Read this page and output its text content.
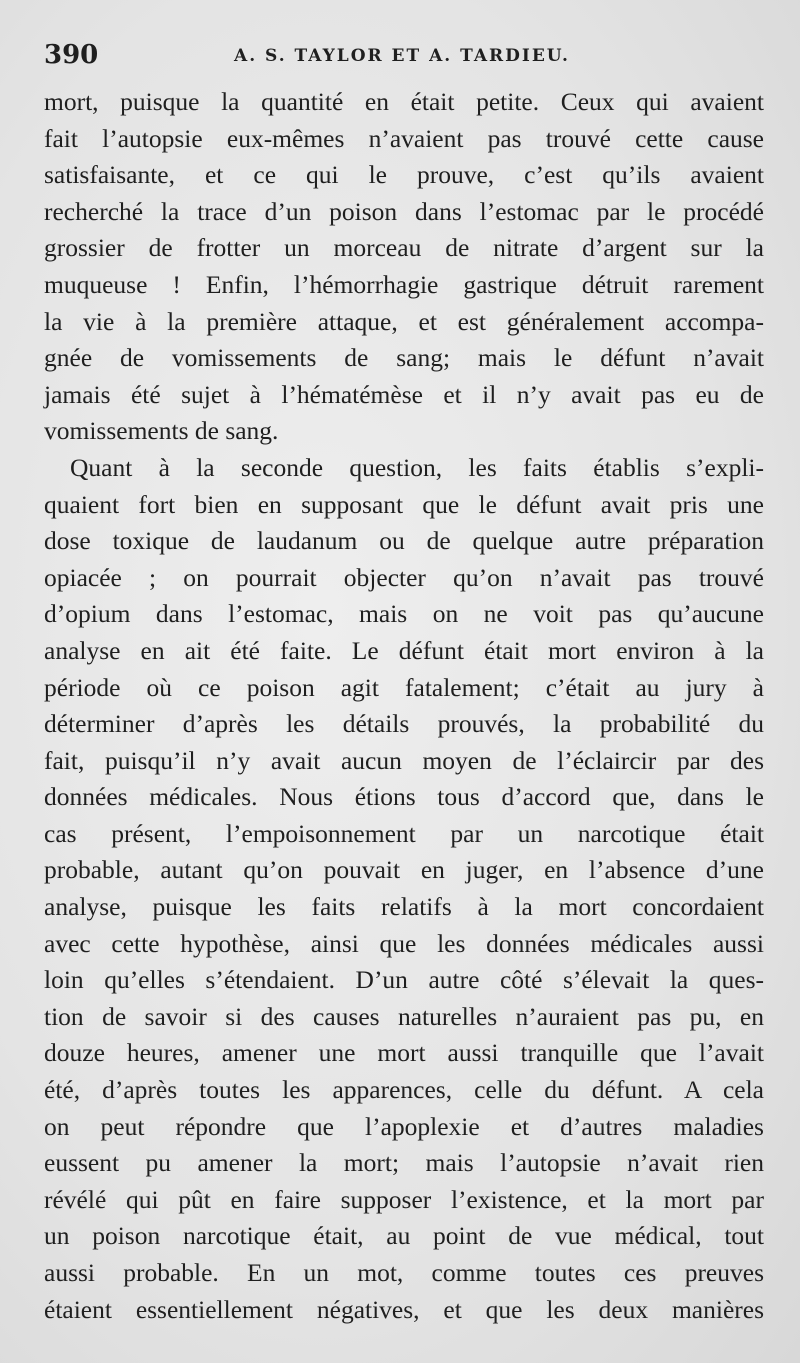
390	A. S. TAYLOR ET A. TARDIEU.
mort, puisque la quantité en était petite. Ceux qui avaient
fait l’autopsie eux-mêmes n’avaient pas trouvé cette cause
satisfaisante, et ce qui le prouve, c’est qu’ils avaient
recherché la trace d’un poison dans l’estomac par le procédé
grossier de frotter un morceau de nitrate d’argent sur la
muqueuse ! Enfin, l’hémorrhagie gastrique détruit rarement
la vie à la première attaque, et est généralement accompa-
gnée de vomissements de sang; mais le défunt n’avait
jamais été sujet à l’hématémèse et il n’y avait pas eu de
vomissements de sang.
Quant à la seconde question, les faits établis s’expli-
quaient fort bien en supposant que le défunt avait pris une
dose toxique de laudanum ou de quelque autre préparation
opiacée ; on pourrait objecter qu’on n’avait pas trouvé
d’opium dans l’estomac, mais on ne voit pas qu’aucune
analyse en ait été faite. Le défunt était mort environ à la
période où ce poison agit fatalement; c’était au jury à
déterminer d’après les détails prouvés, la probabilité du
fait, puisqu’il n’y avait aucun moyen de l’éclaircir par des
données médicales. Nous étions tous d’accord que, dans le
cas présent, l’empoisonnement par un narcotique était
probable, autant qu’on pouvait en juger, en l’absence d’une
analyse, puisque les faits relatifs à la mort concordaient
avec cette hypothèse, ainsi que les données médicales aussi
loin qu’elles s’étendaient. D’un autre côté s’élevait la ques-
tion de savoir si des causes naturelles n’auraient pas pu, en
douze heures, amener une mort aussi tranquille que l’avait
été, d’après toutes les apparences, celle du défunt. A cela
on peut répondre que l’apoplexie et d’autres maladies
eussent pu amener la mort; mais l’autopsie n’avait rien
révélé qui pût en faire supposer l’existence, et la mort par
un poison narcotique était, au point de vue médical, tout
aussi probable. En un mot, comme toutes ces preuves
étaient essentiellement négatives, et que les deux manières
